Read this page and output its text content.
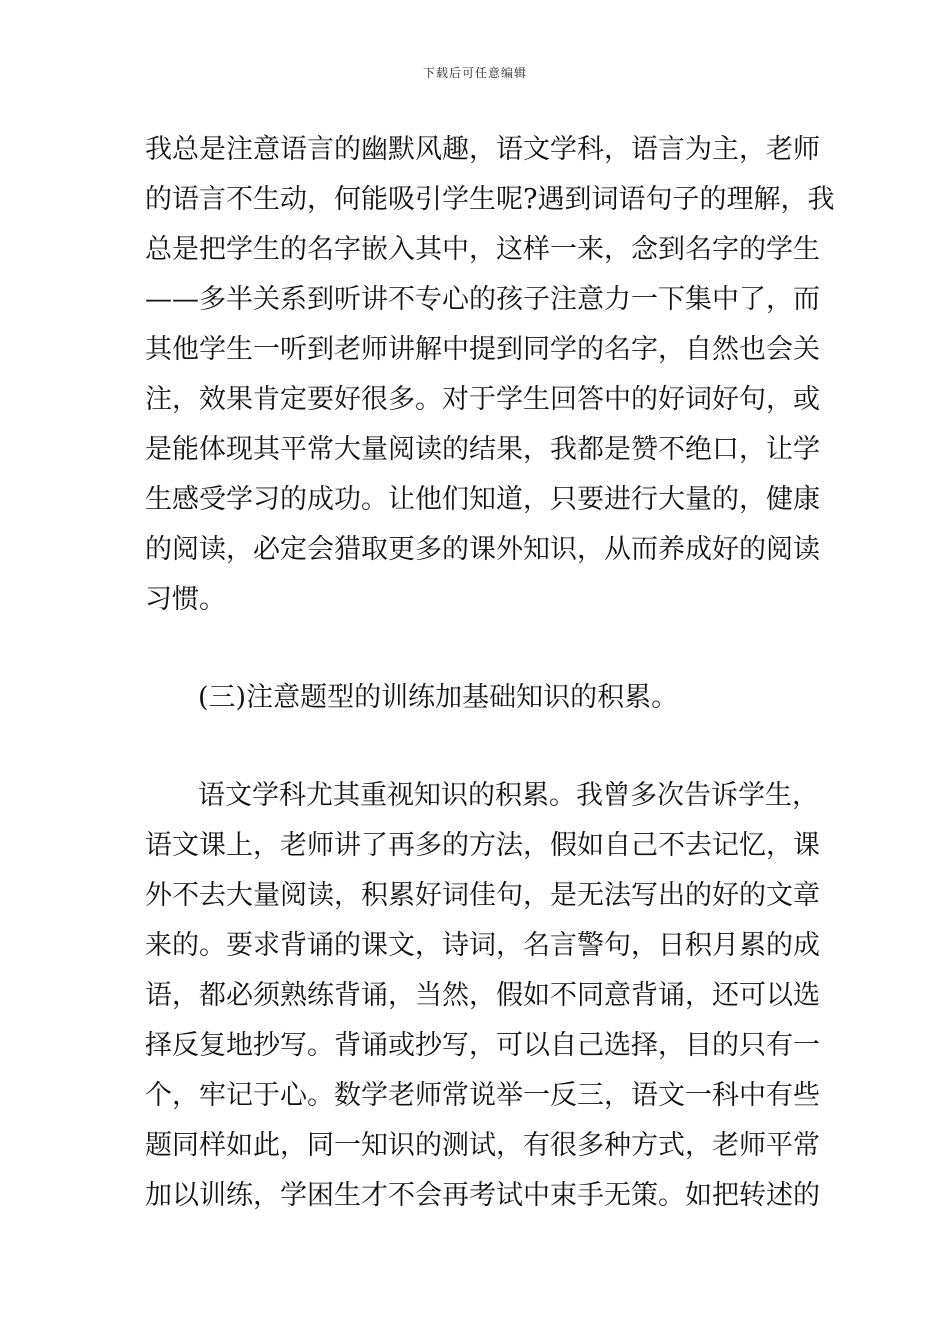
下载后可任意编辑
我总是注意语言的幽默风趣，语文学科，语言为主，老师
的语言不生动，何能吸引学生呢?遇到词语句子的理解，我
总是把学生的名字嵌入其中，这样一来，念到名字的学生
——多半关系到听讲不专心的孩子注意力一下集中了，而
其他学生一听到老师讲解中提到同学的名字，自然也会关
注，效果肯定要好很多。对于学生回答中的好词好句，或
是能体现其平常大量阅读的结果，我都是赞不绝口，让学
生感受学习的成功。让他们知道，只要进行大量的，健康
的阅读，必定会猎取更多的课外知识，从而养成好的阅读
习惯。
(三)注意题型的训练加基础知识的积累。
语文学科尤其重视知识的积累。我曾多次告诉学生，
语文课上，老师讲了再多的方法，假如自己不去记忆，课
外不去大量阅读，积累好词佳句，是无法写出的好的文章
来的。要求背诵的课文，诗词，名言警句，日积月累的成
语，都必须熟练背诵，当然，假如不同意背诵，还可以选
择反复地抄写。背诵或抄写，可以自己选择，目的只有一
个，牢记于心。数学老师常说举一反三，语文一科中有些
题同样如此，同一知识的测试，有很多种方式，老师平常
加以训练，学困生才不会再考试中束手无策。如把转述的
